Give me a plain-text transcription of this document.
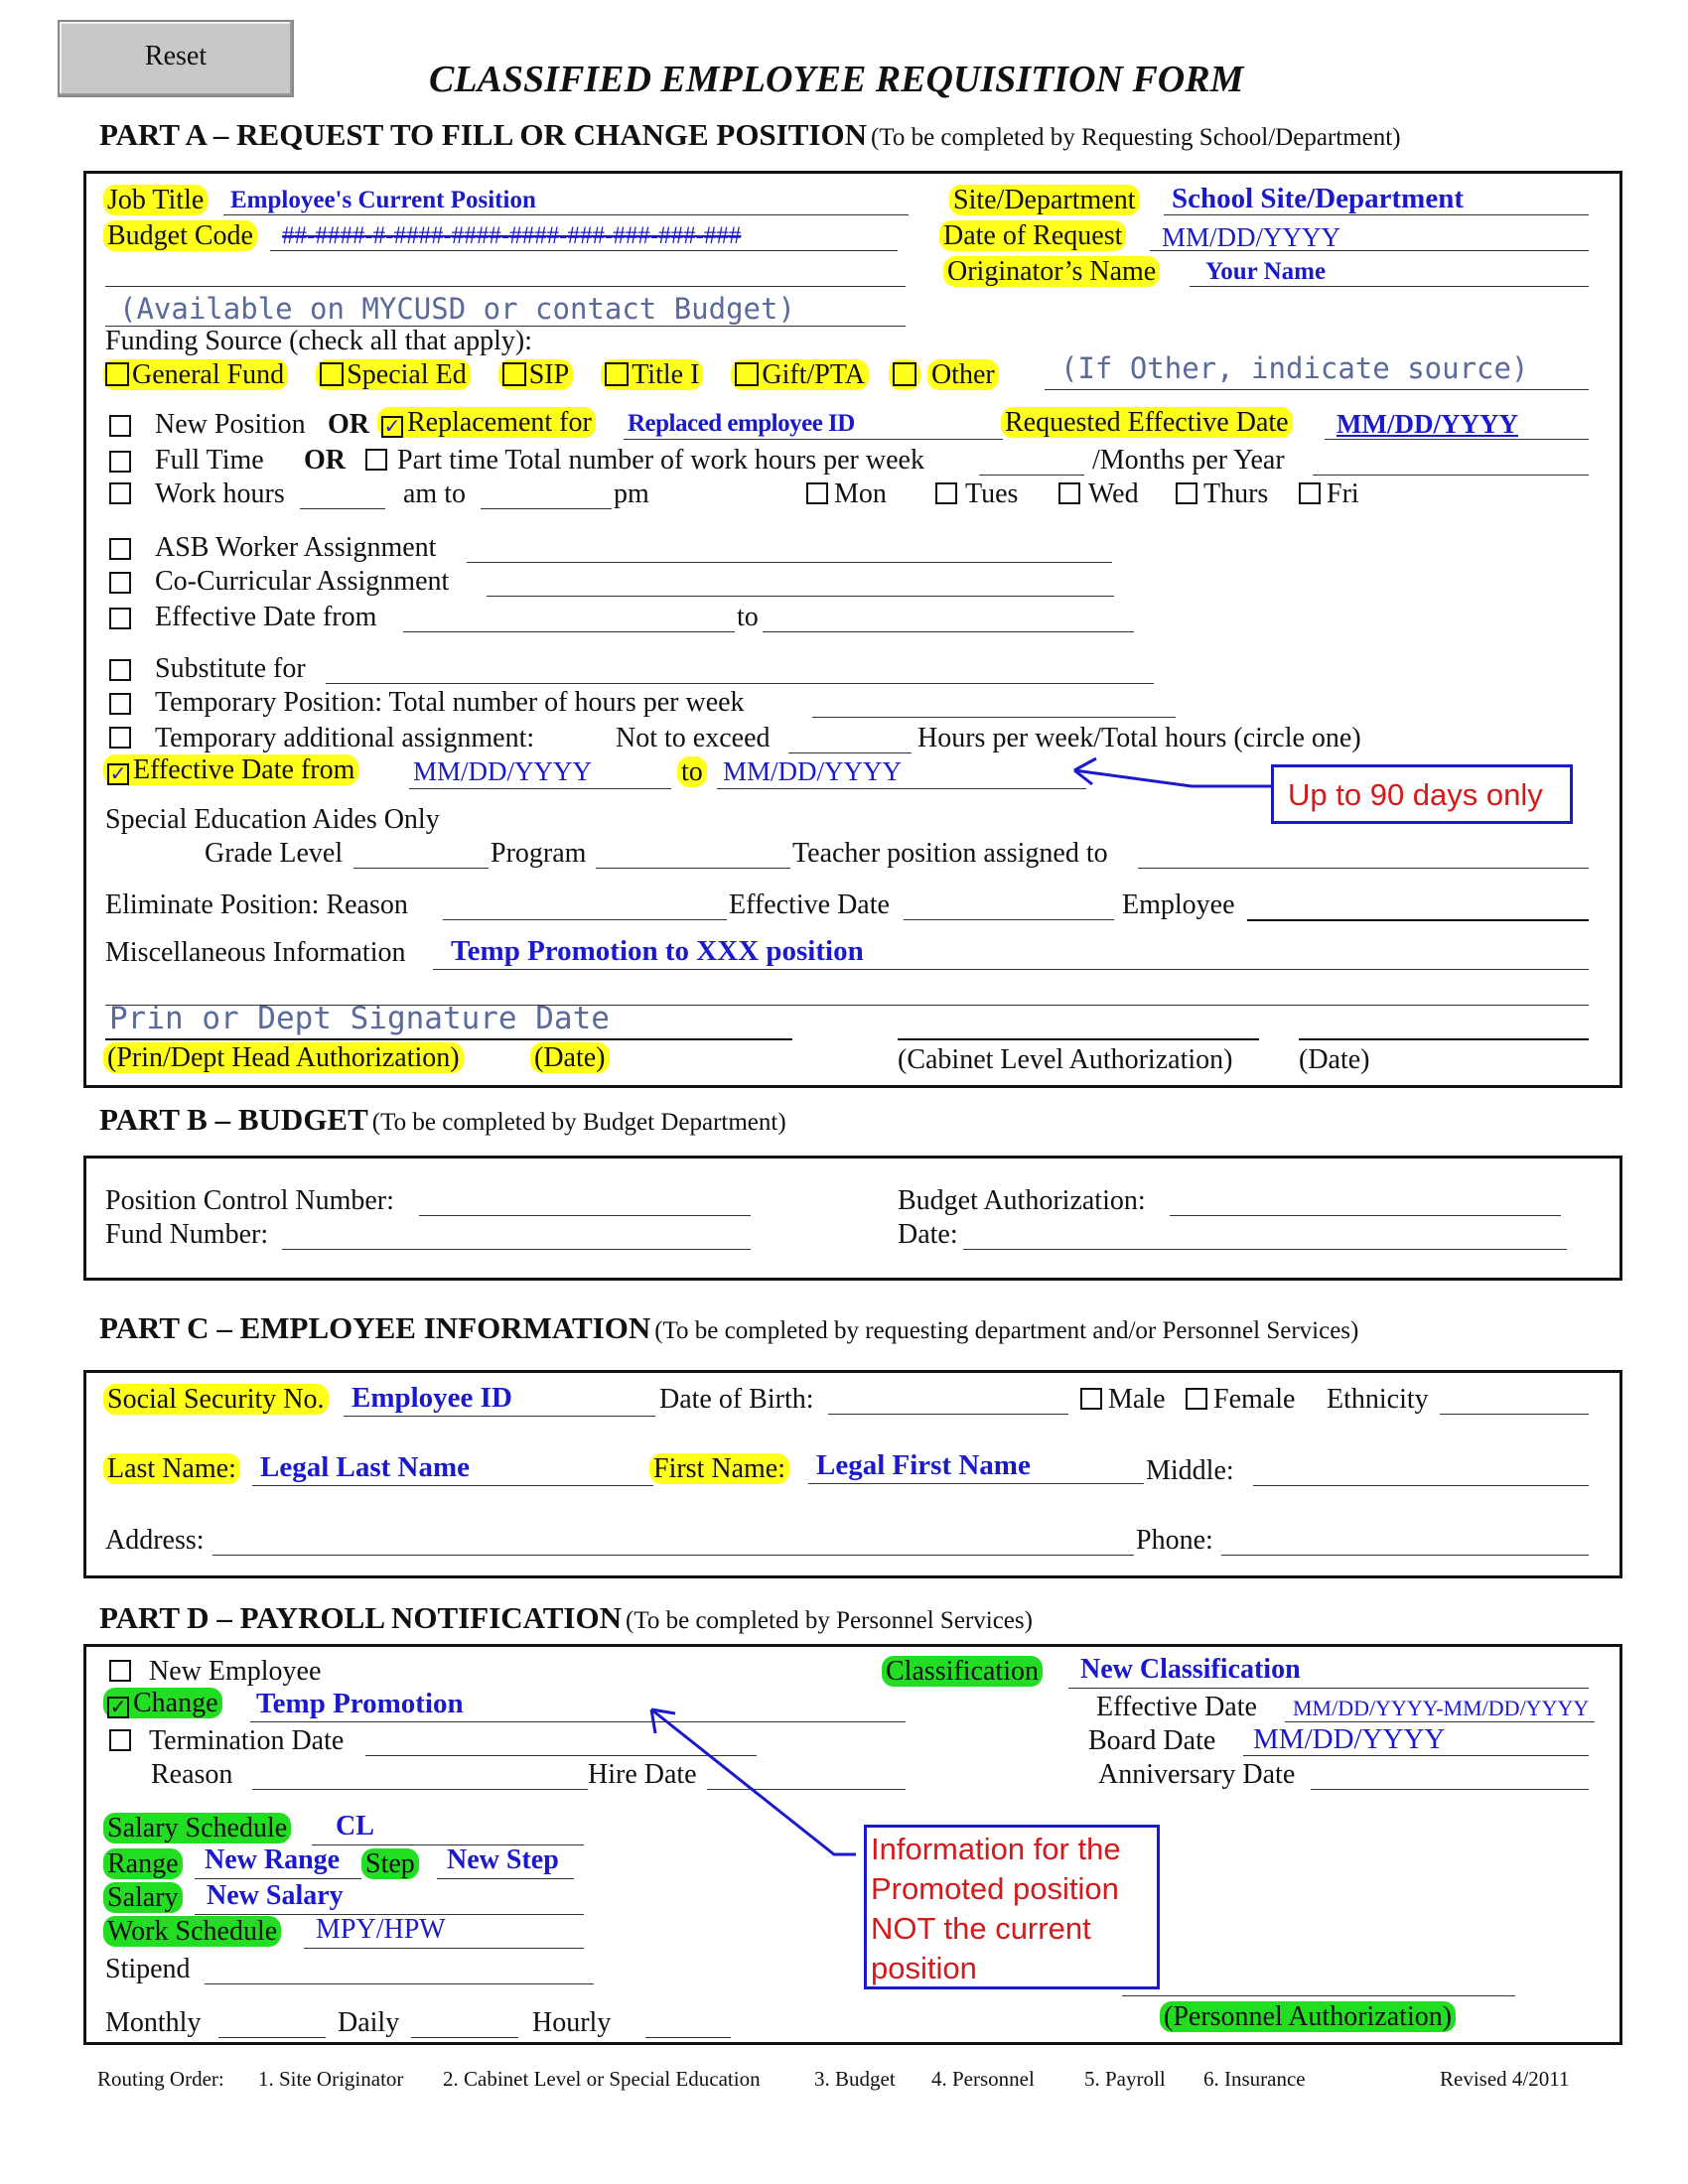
Reset
CLASSIFIED EMPLOYEE REQUISITION FORM
PART A – REQUEST TO FILL OR CHANGE POSITION (To be completed by Requesting School/Department)
Job Title Employee's Current Position	Site/Department School Site/Department
Budget Code ##-####-#-####-####-####-###-###-###-###	Date of Request MM/DD/YYYY
Originator’s Name Your Name
(Available on MYCUSD or contact Budget)
Funding Source (check all that apply):
General Fund Special Ed SIP Title I Gift/PTA Other (If Other, indicate source)
New Position OR ✓ Replacement for Replaced employee ID	Requested Effective Date MM/DD/YYYY
Full Time OR Part time Total number of work hours per week	/Months per Year
Work hours	am to	pm	Mon	Tues	Wed Thurs Fri
ASB Worker Assignment
Co-Curricular Assignment
Effective Date from	to
Substitute for
Temporary Position: Total number of hours per week
Temporary additional assignment:	Not to exceed	Hours per week/Total hours (circle one)
✓ Effective Date from MM/DD/YYYY	to MM/DD/YYYY
Up to 90 days only
Special Education Aides Only
Grade Level	Program	Teacher position assigned to
Eliminate Position: Reason	Effective Date	Employee
Miscellaneous Information Temp Promotion to XXX position
Prin or Dept Signature Date
(Prin/Dept Head Authorization)	(Date)	(Cabinet Level Authorization) (Date)
PART B – BUDGET (To be completed by Budget Department)
Position Control Number:
Fund Number:
Budget Authorization:
Date:
PART C – EMPLOYEE INFORMATION (To be completed by requesting department and/or Personnel Services)
Social Security No. Employee ID	Date of Birth:	Male Female Ethnicity
Last Name: Legal Last Name	First Name: Legal First Name	Middle:
Address:	Phone:
PART D – PAYROLL NOTIFICATION (To be completed by Personnel Services)
New Employee
✓ Change Temp Promotion
Termination Date
Reason	Hire Date
Classification New Classification
Effective Date MM/DD/YYYY-MM/DD/YYYY
Board Date MM/DD/YYYY
Anniversary Date
Salary Schedule CL
Range New Range Step New Step
Salary New Salary
Work Schedule MPY/HPW
Stipend
Monthly	Daily	Hourly
Information for the
Promoted position
NOT the current
position
(Personnel Authorization)
Routing Order: 1. Site Originator 2. Cabinet Level or Special Education	3. Budget 4. Personnel 5. Payroll 6. Insurance	Revised 4/2011
